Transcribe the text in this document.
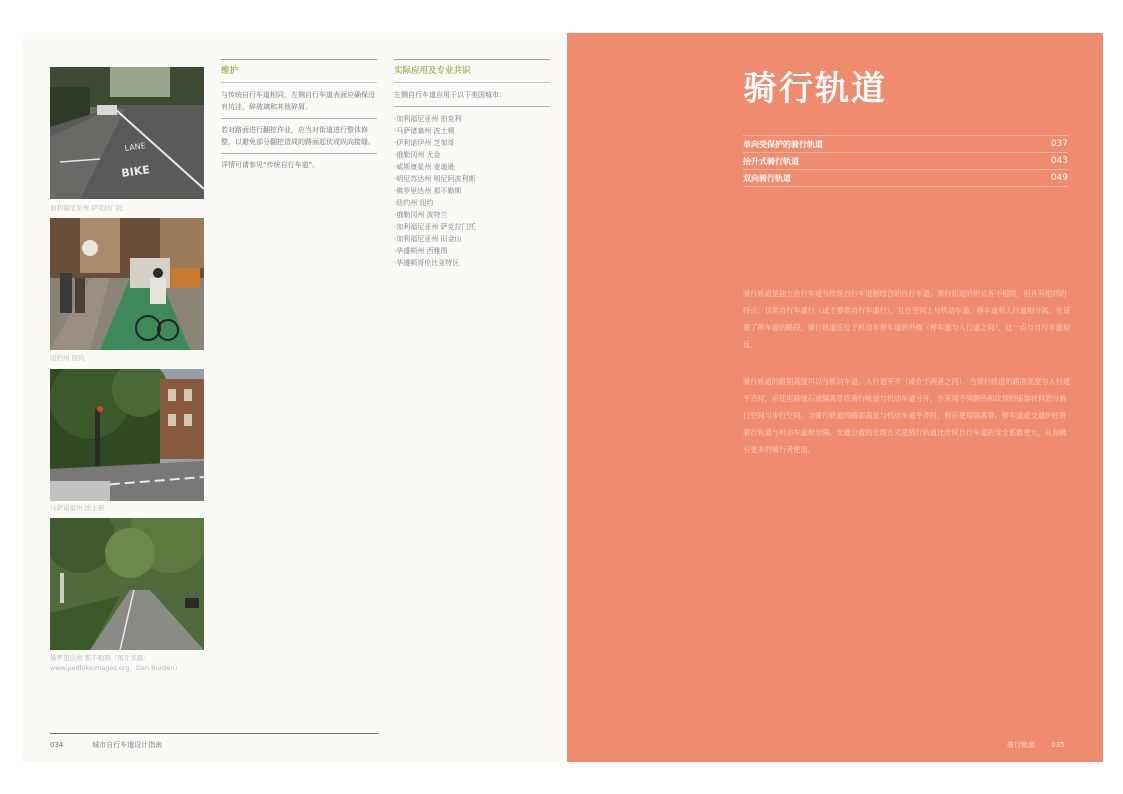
LANE
BIKE
加利福尼亚州 萨克拉门托
纽约州 纽约
马萨诸塞州 波士顿
佛罗里达州 那不勒斯（图片来源：www.pedbikeimages.org，Dan Burden）
维护
与传统自行车道相同，左侧自行车道表面应确保没有坑洼、碎玻璃和其他碎屑。
若对路面进行翻挖作业，应当对街道进行整体修整，以避免部分翻挖造成的路面起伏或纵向接缝。
详情可请参见“传统自行车道”。
实际应用及专业共识
左侧自行车道应用于以下美国城市：
·加利福尼亚州 伯克利
·马萨诸塞州 波士顿
·伊利诺伊州 芝加哥
·俄勒冈州 尤金
·威斯康星州 麦迪逊
·明尼苏达州 明尼阿波利斯
·佛罗里达州 那不勒斯
·纽约州 纽约
·俄勒冈州 波特兰
·加利福尼亚州 萨克拉门托
·加利福尼亚州 旧金山
·华盛顿州 西雅图
·华盛顿哥伦比亚特区
034	城市自行车道设计指南
骑行轨道
单向受保护的骑行轨道	037
抬升式骑行轨道	043
双向骑行轨道	049
骑行轨道是独立自行车道与传统自行车道相结合的自行车道。骑行轨道的形式各不相同，但具有相同的特点：仅供自行车通行（或主要供自行车通行），且在空间上与机动车道、停车道和人行道相分离。在设置了停车道的路段，骑行轨道应位于机动车停车道的外侧（停车道与人行道之间），这一点与自行车道相反。
骑行轨道的路面高度可以与机动车道、人行道平齐（或介于两者之间）。当骑行轨道的路面高度与人行道平齐时，应使用路缘石或隔离带将骑行轨道与机动车道分开，并采用不同颜色和纹理的铺装材料划分骑行空间与步行空间。当骑行轨道的路面高度与机动车道平齐时，则应使用隔离带、停车道或交通护柱将骑行轨道与机动车道相分隔。交通分流的处理方式使骑行轨道比传统自行车道的安全系数更大，从而吸引更多的骑行者使用。
骑行轨道 035
